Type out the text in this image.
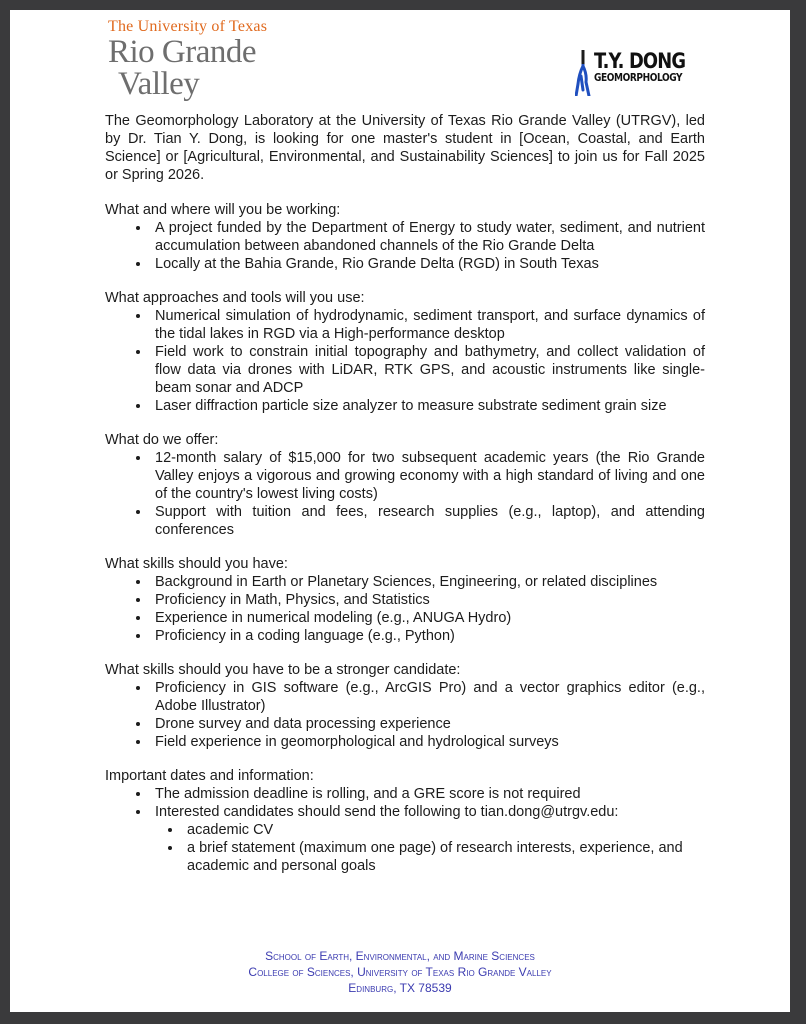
The University of Texas
Rio Grande
Valley
T.Y. DONG
GEOMORPHOLOGY

The Geomorphology Laboratory at the University of Texas Rio Grande Valley (UTRGV), led by Dr. Tian Y. Dong, is looking for one master's student in [Ocean, Coastal, and Earth Science] or [Agricultural, Environmental, and Sustainability Sciences] to join us for Fall 2025 or Spring 2026.

What and where will you be working:

• A project funded by the Department of Energy to study water, sediment, and nutrient accumulation between abandoned channels of the Rio Grande Delta
• Locally at the Bahia Grande, Rio Grande Delta (RGD) in South Texas

What approaches and tools will you use:

• Numerical simulation of hydrodynamic, sediment transport, and surface dynamics of the tidal lakes in RGD via a High-performance desktop
• Field work to constrain initial topography and bathymetry, and collect validation of flow data via drones with LiDAR, RTK GPS, and acoustic instruments like single-beam sonar and ADCP
• Laser diffraction particle size analyzer to measure substrate sediment grain size

What do we offer:

• 12-month salary of $15,000 for two subsequent academic years (the Rio Grande Valley enjoys a vigorous and growing economy with a high standard of living and one of the country's lowest living costs)
• Support with tuition and fees, research supplies (e.g., laptop), and attending conferences

What skills should you have:

• Background in Earth or Planetary Sciences, Engineering, or related disciplines
• Proficiency in Math, Physics, and Statistics
• Experience in numerical modeling (e.g., ANUGA Hydro)
• Proficiency in a coding language (e.g., Python)

What skills should you have to be a stronger candidate:

• Proficiency in GIS software (e.g., ArcGIS Pro) and a vector graphics editor (e.g., Adobe Illustrator)
• Drone survey and data processing experience
• Field experience in geomorphological and hydrological surveys

Important dates and information:

• The admission deadline is rolling, and a GRE score is not required
• Interested candidates should send the following to tian.dong@utrgv.edu:
• academic CV
• a brief statement (maximum one page) of research interests, experience, and academic and personal goals
School of Earth, Environmental, and Marine Sciences
College of Sciences, University of Texas Rio Grande Valley
Edinburg, TX 78539
